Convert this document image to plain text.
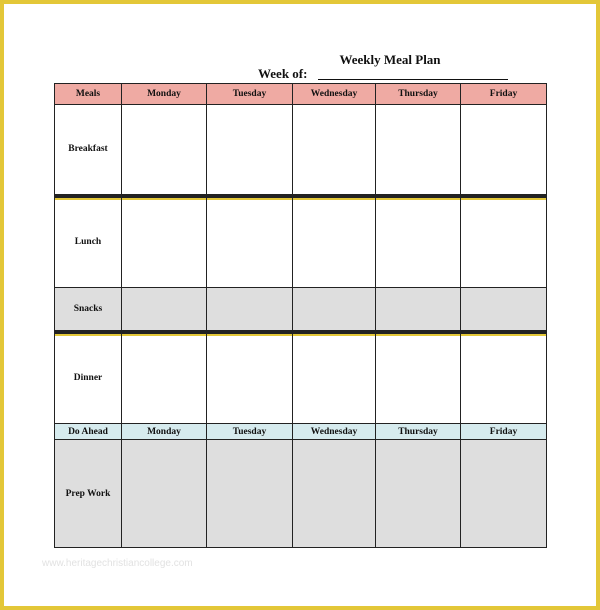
Weekly Meal Plan
Week of:
Meals	Monday	Tuesday	Wednesday	Thursday	Friday
Breakfast					
Lunch					
Snacks					
Dinner					
Do Ahead	Monday	Tuesday	Wednesday	Thursday	Friday
Prep Work					
www.heritagechristiancollege.com
